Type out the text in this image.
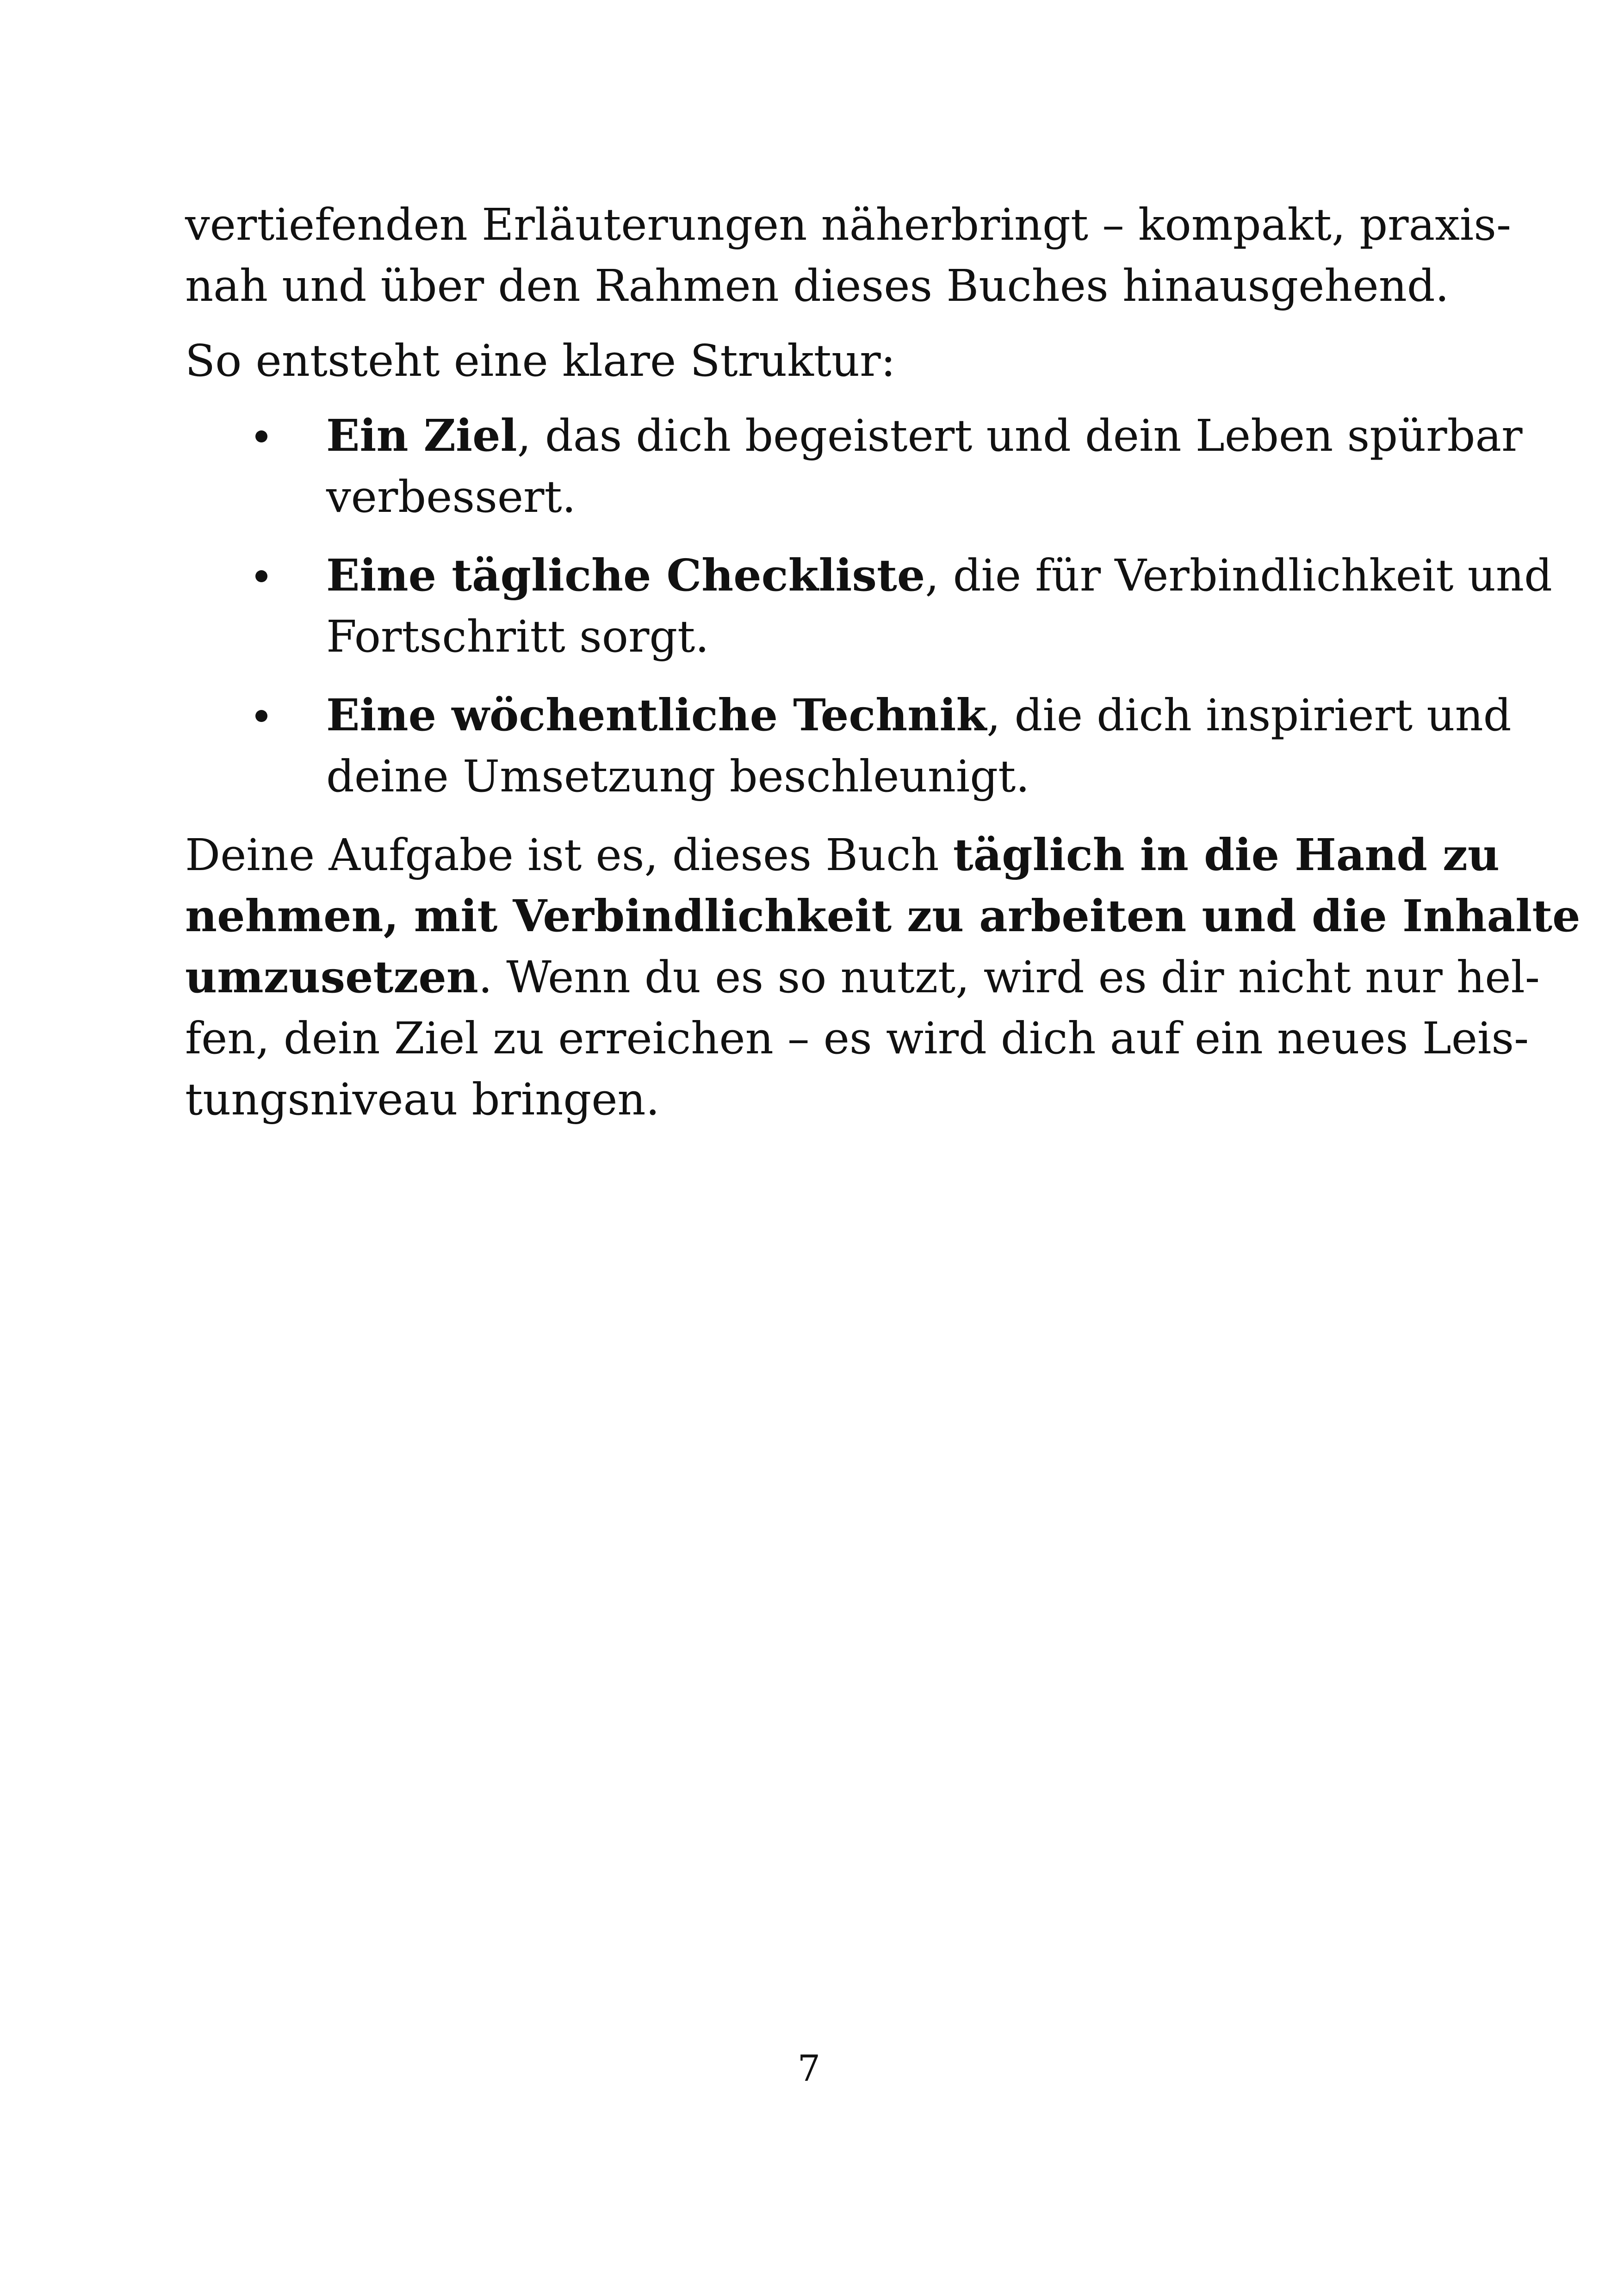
vertiefenden Erläuterungen näherbringt – kompakt, praxis-

nah und über den Rahmen dieses Buches hinausgehend.

So entsteht eine klare Struktur:

Ein Ziel, das dich begeistert und dein Leben spürbar

verbessert.

Eine tägliche Checkliste, die für Verbindlichkeit und

Fortschritt sorgt.

Eine wöchentliche Technik, die dich inspiriert und

deine Umsetzung beschleunigt.

Deine Aufgabe ist es, dieses Buch täglich in die Hand zu

nehmen, mit Verbindlichkeit zu arbeiten und die Inhalte

umzusetzen. Wenn du es so nutzt, wird es dir nicht nur hel-

fen, dein Ziel zu erreichen – es wird dich auf ein neues Leis-

tungsniveau bringen.

7
